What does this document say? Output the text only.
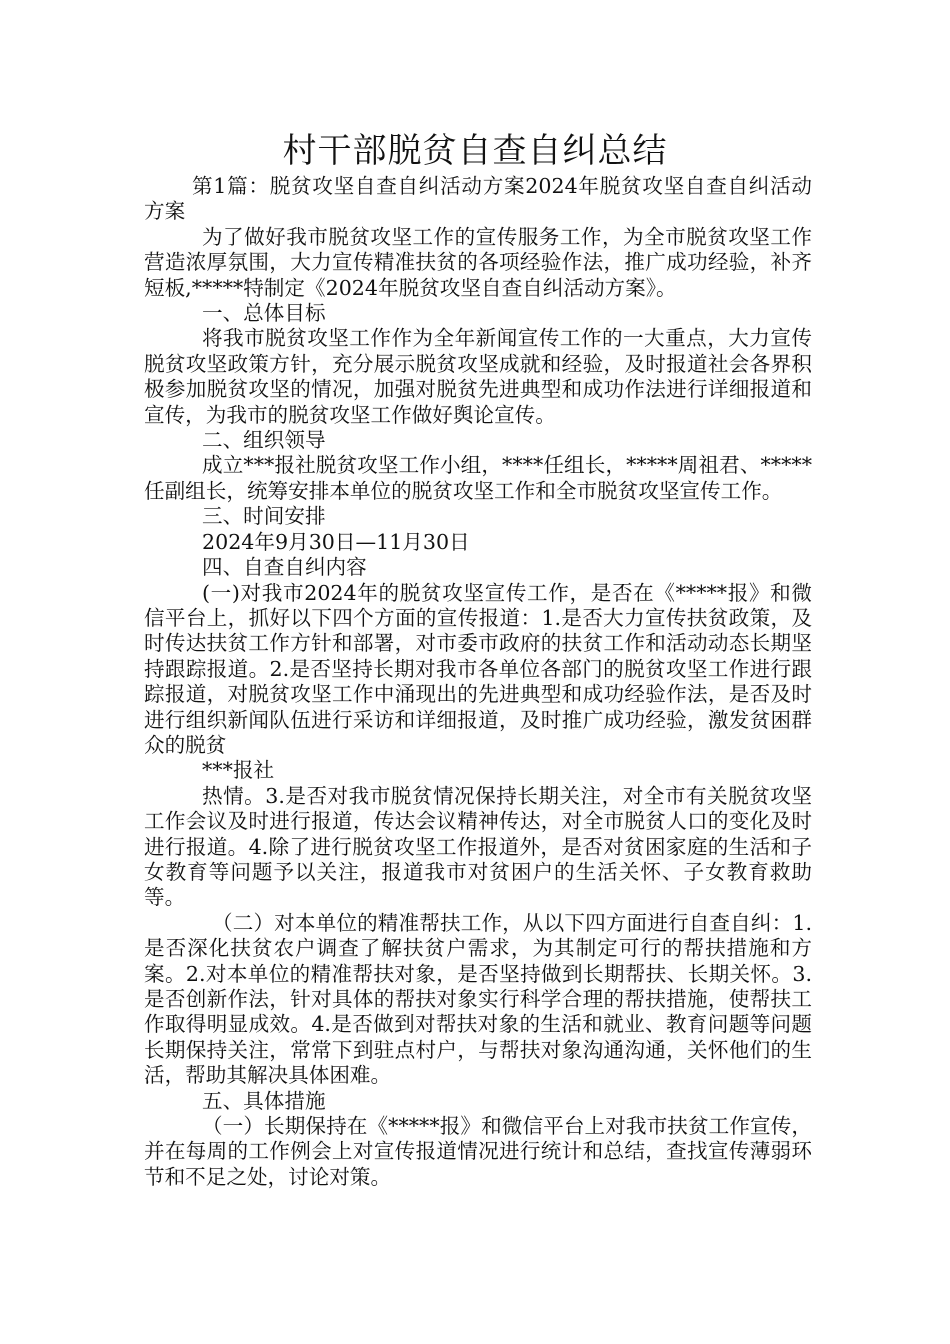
村干部脱贫自查自纠总结

第1篇：脱贫攻坚自查自纠活动方案2024年脱贫攻坚自查自纠活动方案

为了做好我市脱贫攻坚工作的宣传服务工作，为全市脱贫攻坚工作营造浓厚氛围，大力宣传精准扶贫的各项经验作法，推广成功经验，补齐短板,*****特制定《2024年脱贫攻坚自查自纠活动方案》。

一、总体目标

将我市脱贫攻坚工作作为全年新闻宣传工作的一大重点，大力宣传脱贫攻坚政策方针，充分展示脱贫攻坚成就和经验，及时报道社会各界积极参加脱贫攻坚的情况，加强对脱贫先进典型和成功作法进行详细报道和宣传，为我市的脱贫攻坚工作做好舆论宣传。

二、组织领导

成立***报社脱贫攻坚工作小组，****任组长，*****周祖君、*****任副组长，统筹安排本单位的脱贫攻坚工作和全市脱贫攻坚宣传工作。

三、时间安排

2024年9月30日—11月30日

四、自查自纠内容

(一)对我市2024年的脱贫攻坚宣传工作，是否在《*****报》和微信平台上，抓好以下四个方面的宣传报道：1.是否大力宣传扶贫政策，及时传达扶贫工作方针和部署，对市委市政府的扶贫工作和活动动态长期坚持跟踪报道。2.是否坚持长期对我市各单位各部门的脱贫攻坚工作进行跟踪报道，对脱贫攻坚工作中涌现出的先进典型和成功经验作法，是否及时进行组织新闻队伍进行采访和详细报道，及时推广成功经验，激发贫困群众的脱贫

***报社

热情。3.是否对我市脱贫情况保持长期关注，对全市有关脱贫攻坚工作会议及时进行报道，传达会议精神传达，对全市脱贫人口的变化及时进行报道。4.除了进行脱贫攻坚工作报道外，是否对贫困家庭的生活和子女教育等问题予以关注，报道我市对贫困户的生活关怀、子女教育救助等。

（二）对本单位的精准帮扶工作，从以下四方面进行自查自纠：1.是否深化扶贫农户调查了解扶贫户需求，为其制定可行的帮扶措施和方案。2.对本单位的精准帮扶对象，是否坚持做到长期帮扶、长期关怀。3.是否创新作法，针对具体的帮扶对象实行科学合理的帮扶措施，使帮扶工作取得明显成效。4.是否做到对帮扶对象的生活和就业、教育问题等问题长期保持关注，常常下到驻点村户，与帮扶对象沟通沟通，关怀他们的生活，帮助其解决具体困难。

五、具体措施

（一）长期保持在《*****报》和微信平台上对我市扶贫工作宣传，并在每周的工作例会上对宣传报道情况进行统计和总结，查找宣传薄弱环节和不足之处，讨论对策。
